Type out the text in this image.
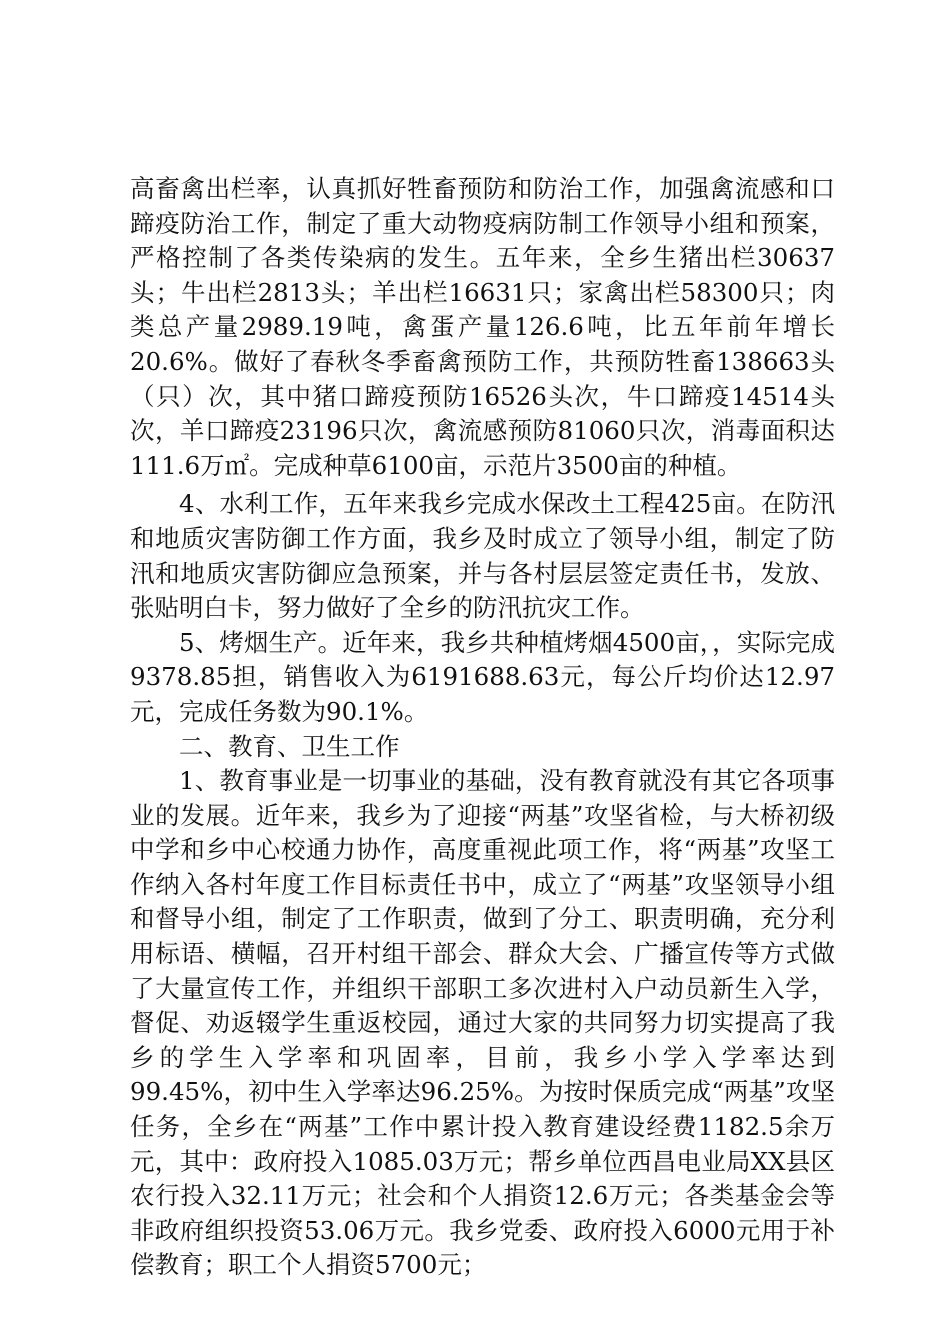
高畜禽出栏率，认真抓好牲畜预防和防治工作，加强禽流感和口蹄疫防治工作，制定了重大动物疫病防制工作领导小组和预案，严格控制了各类传染病的发生。五年来，全乡生猪出栏30637头；牛出栏2813头；羊出栏16631只；家禽出栏58300只；肉类总产量2989.19吨，禽蛋产量126.6吨，比五年前年增长20.6%。做好了春秋冬季畜禽预防工作，共预防牲畜138663头（只）次，其中猪口蹄疫预防16526头次，牛口蹄疫14514头次，羊口蹄疫23196只次，禽流感预防81060只次，消毒面积达111.6万㎡。完成种草6100亩，示范片3500亩的种植。

4、水利工作，五年来我乡完成水保改土工程425亩。在防汛和地质灾害防御工作方面，我乡及时成立了领导小组，制定了防汛和地质灾害防御应急预案，并与各村层层签定责任书，发放、张贴明白卡，努力做好了全乡的防汛抗灾工作。

5、烤烟生产。近年来，我乡共种植烤烟4500亩，，实际完成9378.85担，销售收入为6191688.63元，每公斤均价达12.97元，完成任务数为90.1%。

二、教育、卫生工作

1、教育事业是一切事业的基础，没有教育就没有其它各项事业的发展。近年来，我乡为了迎接“两基”攻坚省检，与大桥初级中学和乡中心校通力协作，高度重视此项工作，将“两基”攻坚工作纳入各村年度工作目标责任书中，成立了“两基”攻坚领导小组和督导小组，制定了工作职责，做到了分工、职责明确，充分利用标语、横幅，召开村组干部会、群众大会、广播宣传等方式做了大量宣传工作，并组织干部职工多次进村入户动员新生入学，督促、劝返辍学生重返校园，通过大家的共同努力切实提高了我乡的学生入学率和巩固率，目前，我乡小学入学率达到99.45%，初中生入学率达96.25%。为按时保质完成“两基”攻坚任务，全乡在“两基”工作中累计投入教育建设经费1182.5余万元，其中：政府投入1085.03万元；帮乡单位西昌电业局XX县区农行投入32.11万元；社会和个人捐资12.6万元；各类基金会等非政府组织投资53.06万元。我乡党委、政府投入6000元用于补偿教育；职工个人捐资5700元；
